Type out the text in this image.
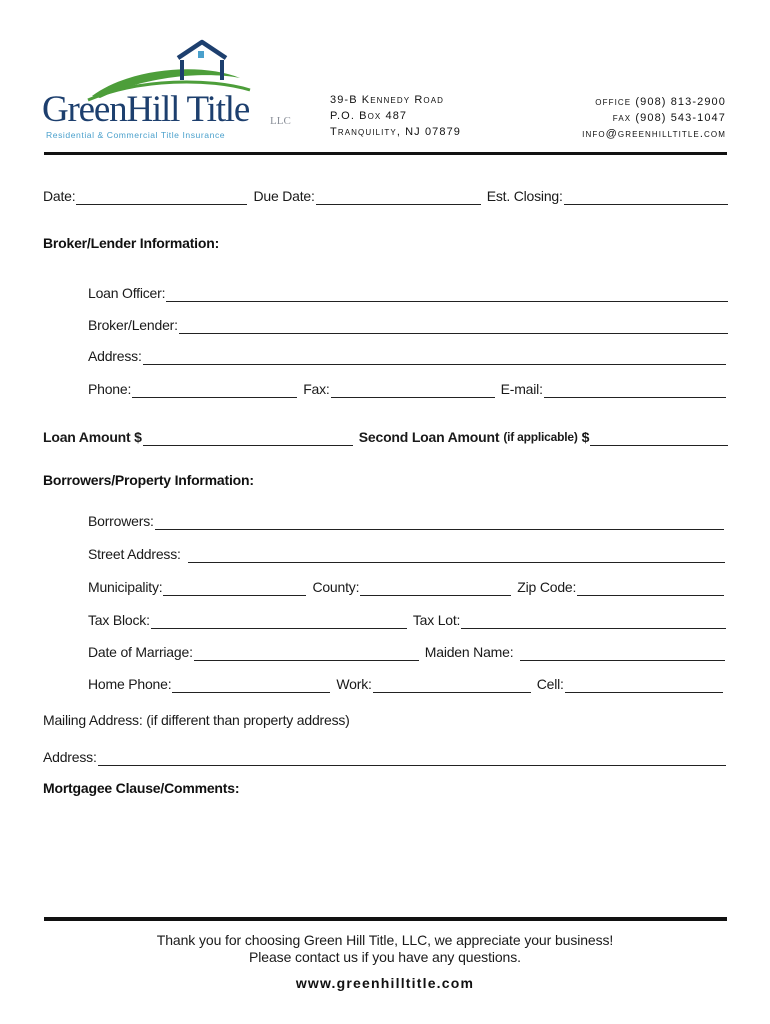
GreenHill Title LLC
Residential & Commercial Title Insurance
39-B Kennedy Road
P.O. Box 487
Tranquility, NJ 07879
office (908) 813-2900
fax (908) 543-1047
info@greenhilltitle.com
Date:	Due Date:	Est. Closing:
Broker/Lender Information:
Loan Officer:
Broker/Lender:
Address:
Phone:	Fax:	E-mail:
Loan Amount $	Second Loan Amount (if applicable) $
Borrowers/Property Information:
Borrowers:
Street Address:
Municipality:	County:	Zip Code:
Tax Block:	Tax Lot:
Date of Marriage:	Maiden Name:
Home Phone:	Work:	Cell:
Mailing Address: (if different than property address)
Address:
Mortgagee Clause/Comments:
Thank you for choosing Green Hill Title, LLC, we appreciate your business!
Please contact us if you have any questions.
www.greenhilltitle.com
